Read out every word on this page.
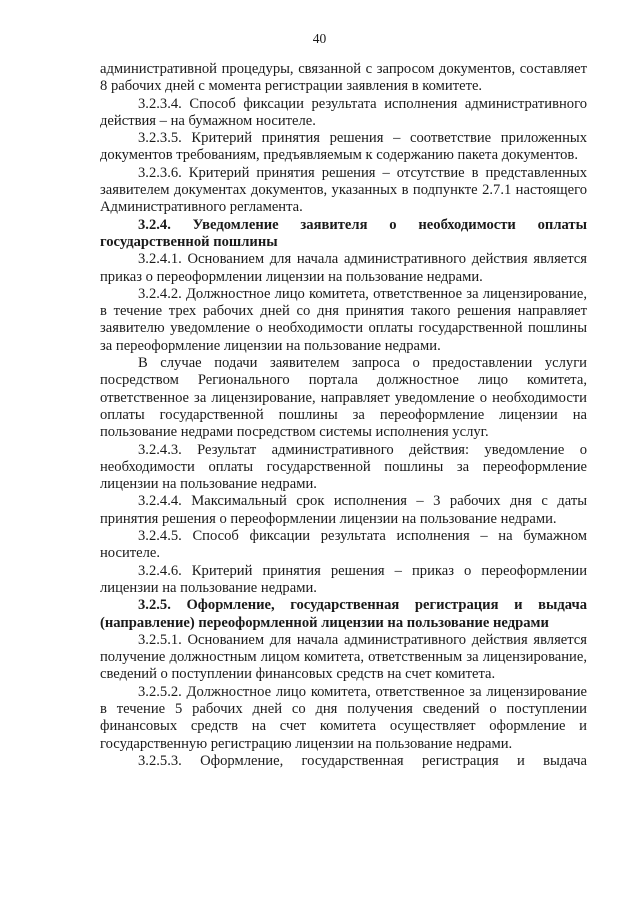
40

административной процедуры, связанной с запросом документов, составляет 8 рабочих дней с момента регистрации заявления в комитете.

3.2.3.4. Способ фиксации результата исполнения административного действия – на бумажном носителе.

3.2.3.5. Критерий принятия решения – соответствие приложенных документов требованиям, предъявляемым к содержанию пакета документов.

3.2.3.6. Критерий принятия решения – отсутствие в представленных заявителем документах документов, указанных в подпункте 2.7.1 настоящего Административного регламента.

3.2.4. Уведомление заявителя о необходимости оплаты государственной пошлины

3.2.4.1. Основанием для начала административного действия является приказ о переоформлении лицензии на пользование недрами.

3.2.4.2. Должностное лицо комитета, ответственное за лицензирование, в течение трех рабочих дней со дня принятия такого решения направляет заявителю уведомление о необходимости оплаты государственной пошлины за переоформление лицензии на пользование недрами.

В случае подачи заявителем запроса о предоставлении услуги посредством Регионального портала должностное лицо комитета, ответственное за лицензирование, направляет уведомление о необходимости оплаты государственной пошлины за переоформление лицензии на пользование недрами посредством системы исполнения услуг.

3.2.4.3. Результат административного действия: уведомление о необходимости оплаты государственной пошлины за переоформление лицензии на пользование недрами.

3.2.4.4. Максимальный срок исполнения – 3 рабочих дня с даты принятия решения о переоформлении лицензии на пользование недрами.

3.2.4.5. Способ фиксации результата исполнения – на бумажном носителе.

3.2.4.6. Критерий принятия решения – приказ о переоформлении лицензии на пользование недрами.

3.2.5. Оформление, государственная регистрация и выдача (направление) переоформленной лицензии на пользование недрами

3.2.5.1. Основанием для начала административного действия является получение должностным лицом комитета, ответственным за лицензирование, сведений о поступлении финансовых средств на счет комитета.

3.2.5.2. Должностное лицо комитета, ответственное за лицензирование в течение 5 рабочих дней со дня получения сведений о поступлении финансовых средств на счет комитета осуществляет оформление и государственную регистрацию лицензии на пользование недрами.

3.2.5.3. Оформление, государственная регистрация и выдача
